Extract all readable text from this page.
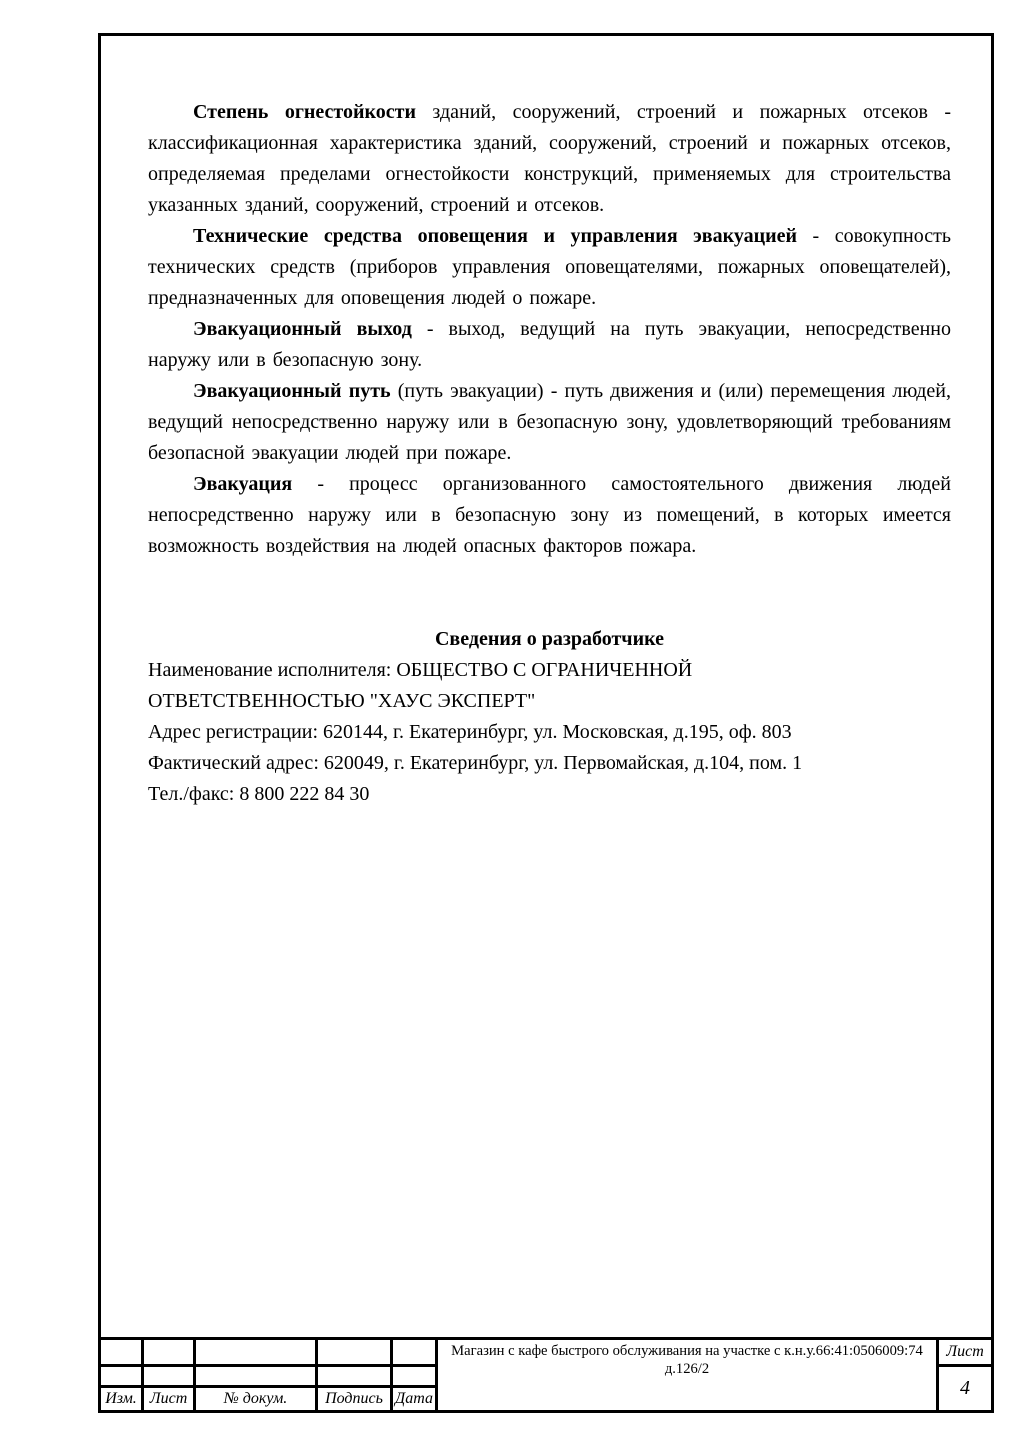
Степень огнестойкости зданий, сооружений, строений и пожарных отсеков - классификационная характеристика зданий, сооружений, строений и пожарных отсеков, определяемая пределами огнестойкости конструкций, применяемых для строительства указанных зданий, сооружений, строений и отсеков.
Технические средства оповещения и управления эвакуацией - совокупность технических средств (приборов управления оповещателями, пожарных оповещателей), предназначенных для оповещения людей о пожаре.
Эвакуационный выход - выход, ведущий на путь эвакуации, непосредственно наружу или в безопасную зону.
Эвакуационный путь (путь эвакуации) - путь движения и (или) перемещения людей, ведущий непосредственно наружу или в безопасную зону, удовлетворяющий требованиям безопасной эвакуации людей при пожаре.
Эвакуация - процесс организованного самостоятельного движения людей непосредственно наружу или в безопасную зону из помещений, в которых имеется возможность воздействия на людей опасных факторов пожара.
Сведения о разработчике
Наименование исполнителя: ОБЩЕСТВО С ОГРАНИЧЕННОЙ
ОТВЕТСТВЕННОСТЬЮ "ХАУС ЭКСПЕРТ"
Адрес регистрации: 620144, г. Екатеринбург, ул. Московская, д.195, оф. 803
Фактический адрес: 620049, г. Екатеринбург, ул. Первомайская, д.104, пом. 1
Тел./факс: 8 800 222 84 30
Изм. Лист	№ докум.	Подпись Дата
Магазин с кафе быстрого обслуживания на участке с к.н.у.66:41:0506009:74 д.126/2
Лист
4
